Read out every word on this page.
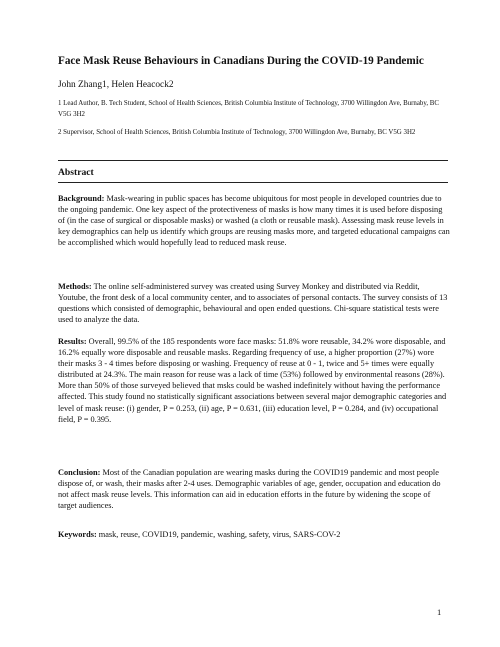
Face Mask Reuse Behaviours in Canadians During the COVID-19 Pandemic
John Zhang1, Helen Heacock2
1 Lead Author, B. Tech Student, School of Health Sciences, British Columbia Institute of Technology, 3700 Willingdon Ave, Burnaby, BC V5G 3H2
2 Supervisor, School of Health Sciences, British Columbia Institute of Technology, 3700 Willingdon Ave, Burnaby, BC V5G 3H2
Abstract
Background: Mask-wearing in public spaces has become ubiquitous for most people in developed countries due to the ongoing pandemic. One key aspect of the protectiveness of masks is how many times it is used before disposing of (in the case of surgical or disposable masks) or washed (a cloth or reusable mask). Assessing mask reuse levels in key demographics can help us identify which groups are reusing masks more, and targeted educational campaigns can be accomplished which would hopefully lead to reduced mask reuse.
Methods: The online self-administered survey was created using Survey Monkey and distributed via Reddit, Youtube, the front desk of a local community center, and to associates of personal contacts. The survey consists of 13 questions which consisted of demographic, behavioural and open ended questions. Chi-square statistical tests were used to analyze the data.
Results: Overall, 99.5% of the 185 respondents wore face masks: 51.8% wore reusable, 34.2% wore disposable, and 16.2% equally wore disposable and reusable masks. Regarding frequency of use, a higher proportion (27%) wore their masks 3 - 4 times before disposing or washing. Frequency of reuse at 0 - 1, twice and 5+ times were equally distributed at 24.3%. The main reason for reuse was a lack of time (53%) followed by environmental reasons (28%). More than 50% of those surveyed believed that msks could be washed indefinitely without having the performance affected. This study found no statistically significant associations between several major demographic categories and level of mask reuse: (i) gender, P = 0.253, (ii) age, P = 0.631, (iii) education level, P = 0.284, and (iv) occupational field, P = 0.395.
Conclusion: Most of the Canadian population are wearing masks during the COVID19 pandemic and most people dispose of, or wash, their masks after 2-4 uses. Demographic variables of age, gender, occupation and education do not affect mask reuse levels. This information can aid in education efforts in the future by widening the scope of target audiences.
Keywords: mask, reuse, COVID19, pandemic, washing, safety, virus, SARS-COV-2
1
